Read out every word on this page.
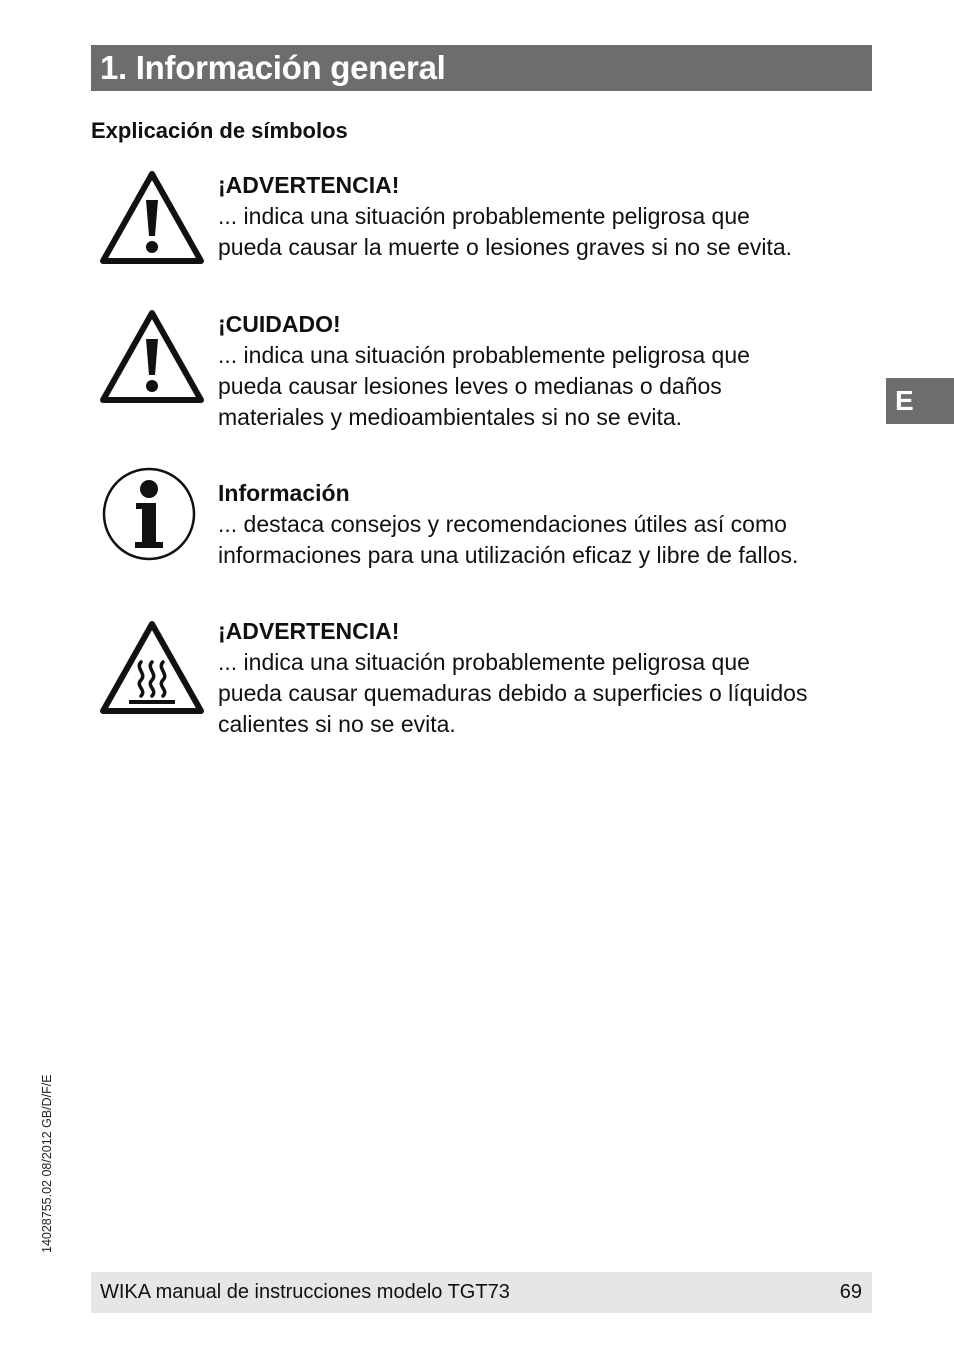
1. Información general
Explicación de símbolos
¡ADVERTENCIA!
... indica una situación probablemente peligrosa que
pueda causar la muerte o lesiones graves si no se evita.
¡CUIDADO!
... indica una situación probablemente peligrosa que
pueda causar lesiones leves o medianas o daños
materiales y medioambientales si no se evita.
Información
... destaca consejos y recomendaciones útiles así como
informaciones para una utilización eficaz y libre de fallos.
¡ADVERTENCIA!
... indica una situación probablemente peligrosa que
pueda causar quemaduras debido a superficies o líquidos
calientes si no se evita.
E
14028755.02 08/2012 GB/D/F/E
WIKA manual de instrucciones modelo TGT73	69
